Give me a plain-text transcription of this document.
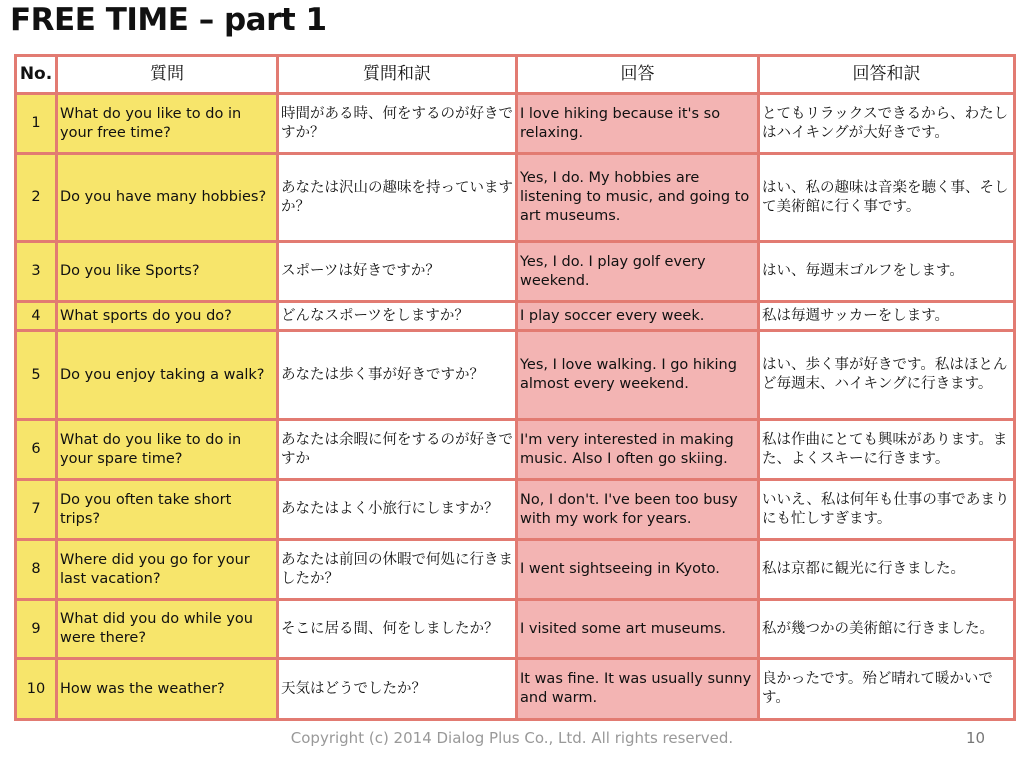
FREE TIME – part 1
No.	質問	質問和訳	回答	回答和訳
1	What do you like to do in your free time?	時間がある時、何をするのが好きですか？	I love hiking because it's so relaxing.	とてもリラックスできるから、わたしはハイキングが大好きです。
2	Do you have many hobbies?	あなたは沢山の趣味を持っていますか？	Yes, I do. My hobbies are listening to music, and going to art museums.	はい、私の趣味は音楽を聴く事、そして美術館に行く事です。
3	Do you like Sports?	スポーツは好きですか？	Yes, I do. I play golf every weekend.	はい、毎週末ゴルフをします。
4	What sports do you do?	どんなスポーツをしますか？	I play soccer every week.	私は毎週サッカーをします。
5	Do you enjoy taking a walk?	あなたは歩く事が好きですか？	Yes, I love walking. I go hiking almost every weekend.	はい、歩く事が好きです。私はほとんど毎週末、ハイキングに行きます。
6	What do you like to do in your spare time?	あなたは余暇に何をするのが好きですか	I'm very interested in making music. Also I often go skiing.	私は作曲にとても興味があります。また、よくスキーに行きます。
7	Do you often take short trips?	あなたはよく小旅行にしますか？	No, I don't. I've been too busy with my work for years.	いいえ、私は何年も仕事の事であまりにも忙しすぎます。
8	Where did you go for your last vacation?	あなたは前回の休暇で何処に行きましたか？	I went sightseeing in Kyoto.	私は京都に観光に行きました。
9	What did you do while you were there?	そこに居る間、何をしましたか？	I visited some art museums.	私が幾つかの美術館に行きました。
10	How was the weather?	天気はどうでしたか？	It was fine. It was usually sunny and warm.	良かったです。殆ど晴れて暖かいです。
Copyright (c) 2014 Dialog Plus Co., Ltd. All rights reserved.	10
